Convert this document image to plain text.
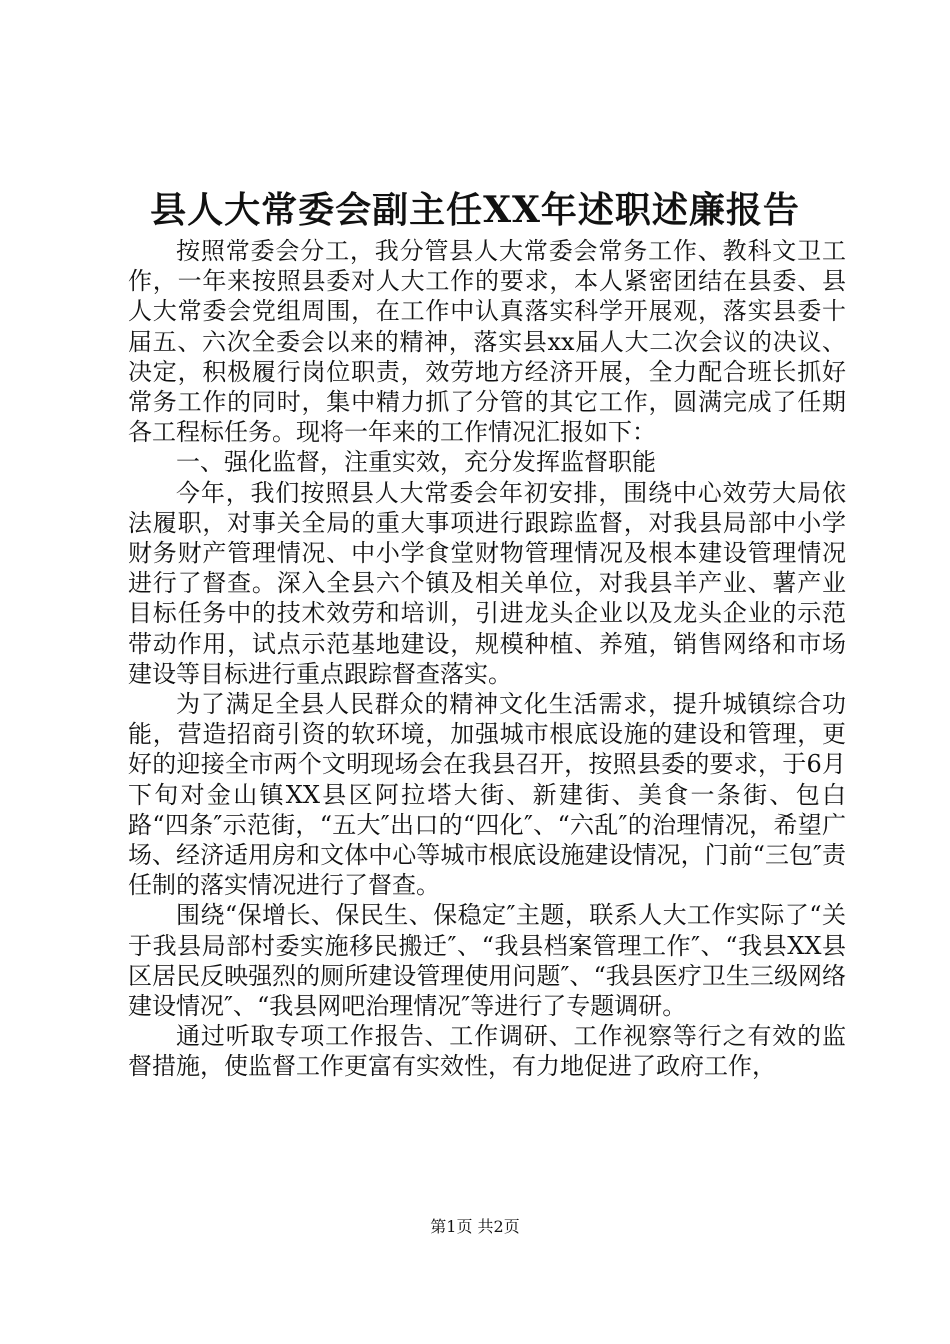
县人大常委会副主任XX年述职述廉报告

按照常委会分工，我分管县人大常委会常务工作、教科文卫工作，一年来按照县委对人大工作的要求，本人紧密团结在县委、县人大常委会党组周围，在工作中认真落实科学开展观，落实县委十届五、六次全委会以来的精神，落实县xx届人大二次会议的决议、决定，积极履行岗位职责，效劳地方经济开展，全力配合班长抓好常务工作的同时，集中精力抓了分管的其它工作，圆满完成了任期各工程标任务。现将一年来的工作情况汇报如下：

一、强化监督，注重实效，充分发挥监督职能

今年，我们按照县人大常委会年初安排，围绕中心效劳大局依法履职，对事关全局的重大事项进行跟踪监督，对我县局部中小学财务财产管理情况、中小学食堂财物管理情况及根本建设管理情况进行了督查。深入全县六个镇及相关单位，对我县羊产业、薯产业目标任务中的技术效劳和培训，引进龙头企业以及龙头企业的示范带动作用，试点示范基地建设，规模种植、养殖，销售网络和市场建设等目标进行重点跟踪督查落实。

为了满足全县人民群众的精神文化生活需求，提升城镇综合功能，营造招商引资的软环境，加强城市根底设施的建设和管理，更好的迎接全市两个文明现场会在我县召开，按照县委的要求，于6月下旬对金山镇XX县区阿拉塔大街、新建街、美食一条街、包白路“四条″示范街，“五大″出口的“四化″、“六乱″的治理情况，希望广场、经济适用房和文体中心等城市根底设施建设情况，门前“三包″责任制的落实情况进行了督查。

围绕“保增长、保民生、保稳定″主题，联系人大工作实际了“关于我县局部村委实施移民搬迁″、“我县档案管理工作″、“我县XX县区居民反映强烈的厕所建设管理使用问题″、“我县医疗卫生三级网络建设情况″、“我县网吧治理情况″等进行了专题调研。

通过听取专项工作报告、工作调研、工作视察等行之有效的监督措施，使监督工作更富有实效性，有力地促进了政府工作，

第1页 共2页
